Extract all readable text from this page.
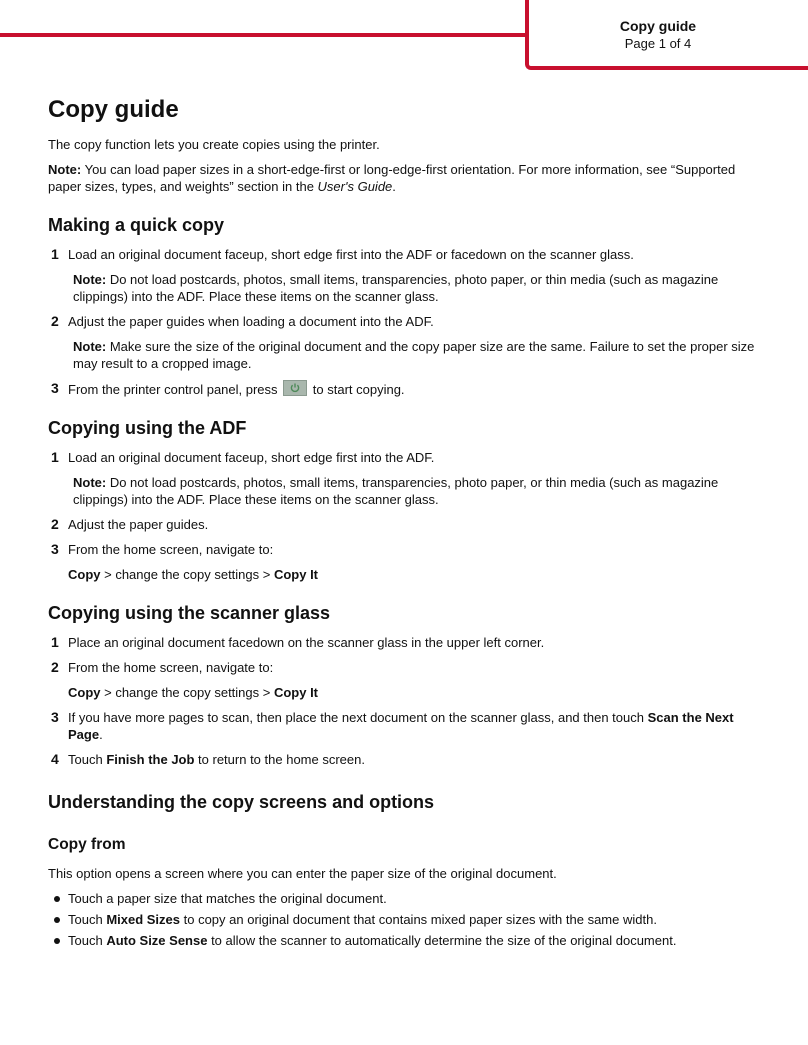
Copy guide
Page 1 of 4
Copy guide

The copy function lets you create copies using the printer.

Note: You can load paper sizes in a short-edge-first or long-edge-first orientation. For more information, see “Supported paper sizes, types, and weights” section in the User's Guide.

Making a quick copy
1 Load an original document faceup, short edge first into the ADF or facedown on the scanner glass.
Note: Do not load postcards, photos, small items, transparencies, photo paper, or thin media (such as magazine clippings) into the ADF. Place these items on the scanner glass.
2 Adjust the paper guides when loading a document into the ADF.
Note: Make sure the size of the original document and the copy paper size are the same. Failure to set the proper size may result to a cropped image.
3 From the printer control panel, press
to start copying.
Copying using the ADF
1 Load an original document faceup, short edge first into the ADF.
Note: Do not load postcards, photos, small items, transparencies, photo paper, or thin media (such as magazine clippings) into the ADF. Place these items on the scanner glass.
2 Adjust the paper guides.
3 From the home screen, navigate to:
Copy > change the copy settings > Copy It
Copying using the scanner glass
1 Place an original document facedown on the scanner glass in the upper left corner.
2 From the home screen, navigate to:
Copy > change the copy settings > Copy It
3 If you have more pages to scan, then place the next document on the scanner glass, and then touch Scan the Next Page.
4 Touch Finish the Job to return to the home screen.
Understanding the copy screens and options
Copy from

This option opens a screen where you can enter the paper size of the original document.

Touch a paper size that matches the original document.
Touch Mixed Sizes to copy an original document that contains mixed paper sizes with the same width.
Touch Auto Size Sense to allow the scanner to automatically determine the size of the original document.
